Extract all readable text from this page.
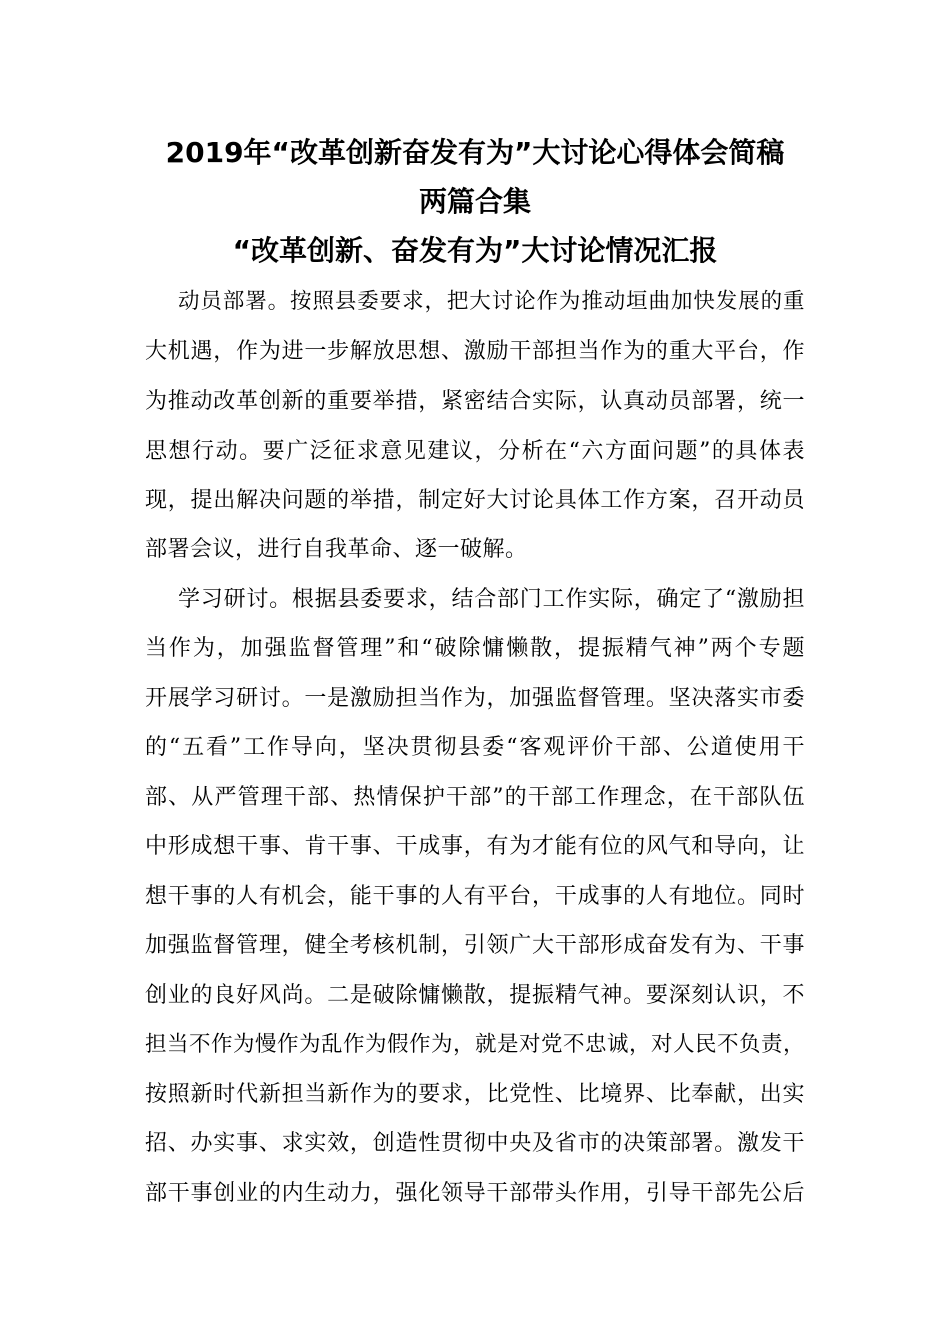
2019年“改革创新奋发有为”大讨论心得体会简稿
两篇合集
“改革创新、奋发有为”大讨论情况汇报
动员部署。按照县委要求，把大讨论作为推动垣曲加快发展的重
大机遇，作为进一步解放思想、激励干部担当作为的重大平台，作
为推动改革创新的重要举措，紧密结合实际，认真动员部署，统一
思想行动。要广泛征求意见建议，分析在“六方面问题”的具体表
现，提出解决问题的举措，制定好大讨论具体工作方案，召开动员
部署会议，进行自我革命、逐一破解。
学习研讨。根据县委要求，结合部门工作实际，确定了“激励担
当作为，加强监督管理”和“破除慵懒散，提振精气神”两个专题
开展学习研讨。一是激励担当作为，加强监督管理。坚决落实市委
的“五看”工作导向，坚决贯彻县委“客观评价干部、公道使用干
部、从严管理干部、热情保护干部”的干部工作理念，在干部队伍
中形成想干事、肯干事、干成事，有为才能有位的风气和导向，让
想干事的人有机会，能干事的人有平台，干成事的人有地位。同时
加强监督管理，健全考核机制，引领广大干部形成奋发有为、干事
创业的良好风尚。二是破除慵懒散，提振精气神。要深刻认识，不
担当不作为慢作为乱作为假作为，就是对党不忠诚，对人民不负责，
按照新时代新担当新作为的要求，比党性、比境界、比奉献，出实
招、办实事、求实效，创造性贯彻中央及省市的决策部署。激发干
部干事创业的内生动力，强化领导干部带头作用，引导干部先公后
